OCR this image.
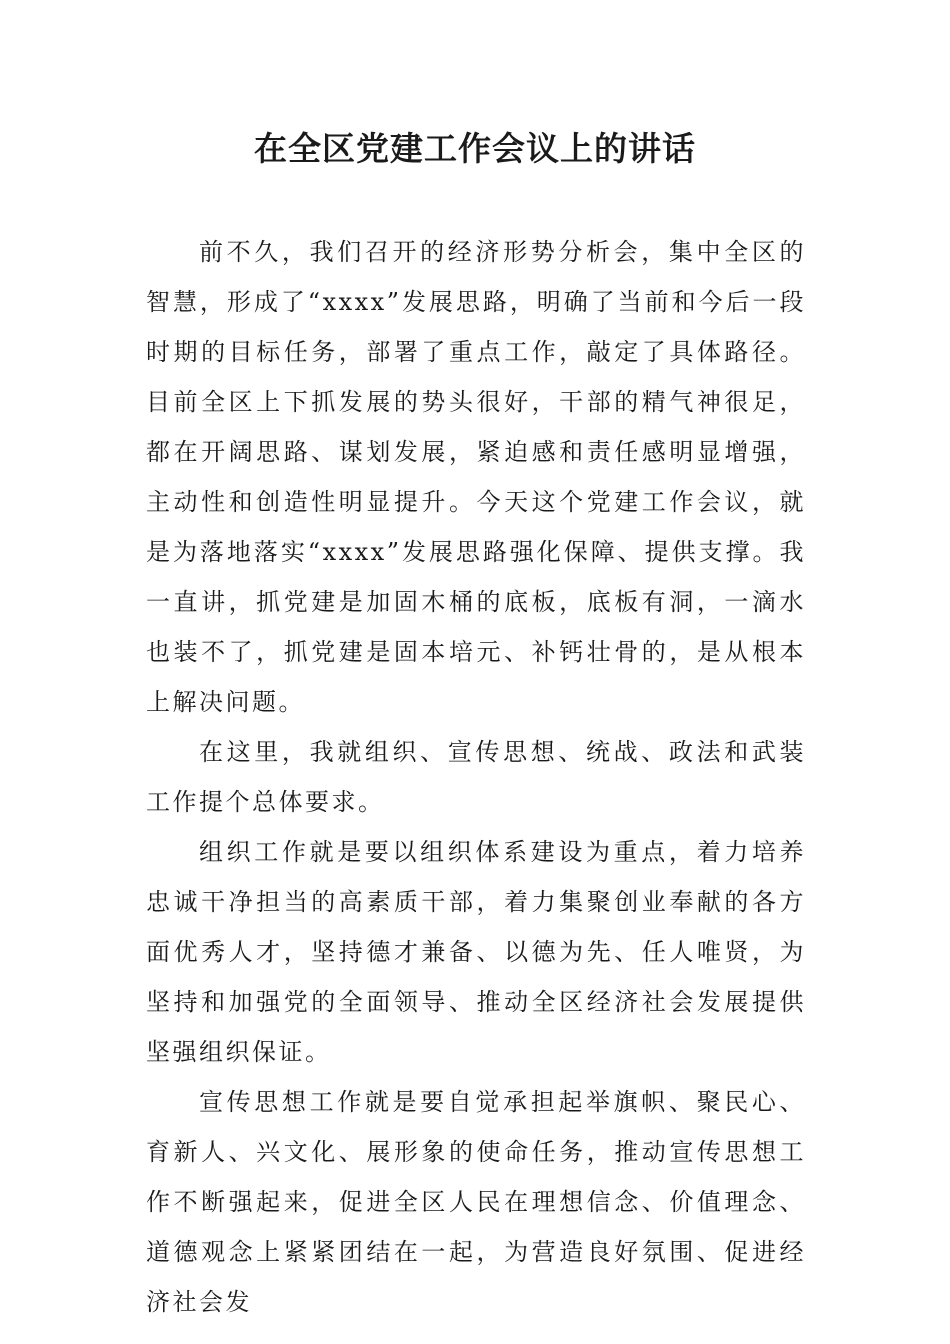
在全区党建工作会议上的讲话

前不久，我们召开的经济形势分析会，集中全区的智慧，形成了“xxxx”发展思路，明确了当前和今后一段时期的目标任务，部署了重点工作，敲定了具体路径。目前全区上下抓发展的势头很好，干部的精气神很足，都在开阔思路、谋划发展，紧迫感和责任感明显增强，主动性和创造性明显提升。今天这个党建工作会议，就是为落地落实“xxxx”发展思路强化保障、提供支撑。我一直讲，抓党建是加固木桶的底板，底板有洞，一滴水也装不了，抓党建是固本培元、补钙壮骨的，是从根本上解决问题。

在这里，我就组织、宣传思想、统战、政法和武装工作提个总体要求。

组织工作就是要以组织体系建设为重点，着力培养忠诚干净担当的高素质干部，着力集聚创业奉献的各方面优秀人才，坚持德才兼备、以德为先、任人唯贤，为坚持和加强党的全面领导、推动全区经济社会发展提供坚强组织保证。

宣传思想工作就是要自觉承担起举旗帜、聚民心、育新人、兴文化、展形象的使命任务，推动宣传思想工作不断强起来，促进全区人民在理想信念、价值理念、道德观念上紧紧团结在一起，为营造良好氛围、促进经济社会发
